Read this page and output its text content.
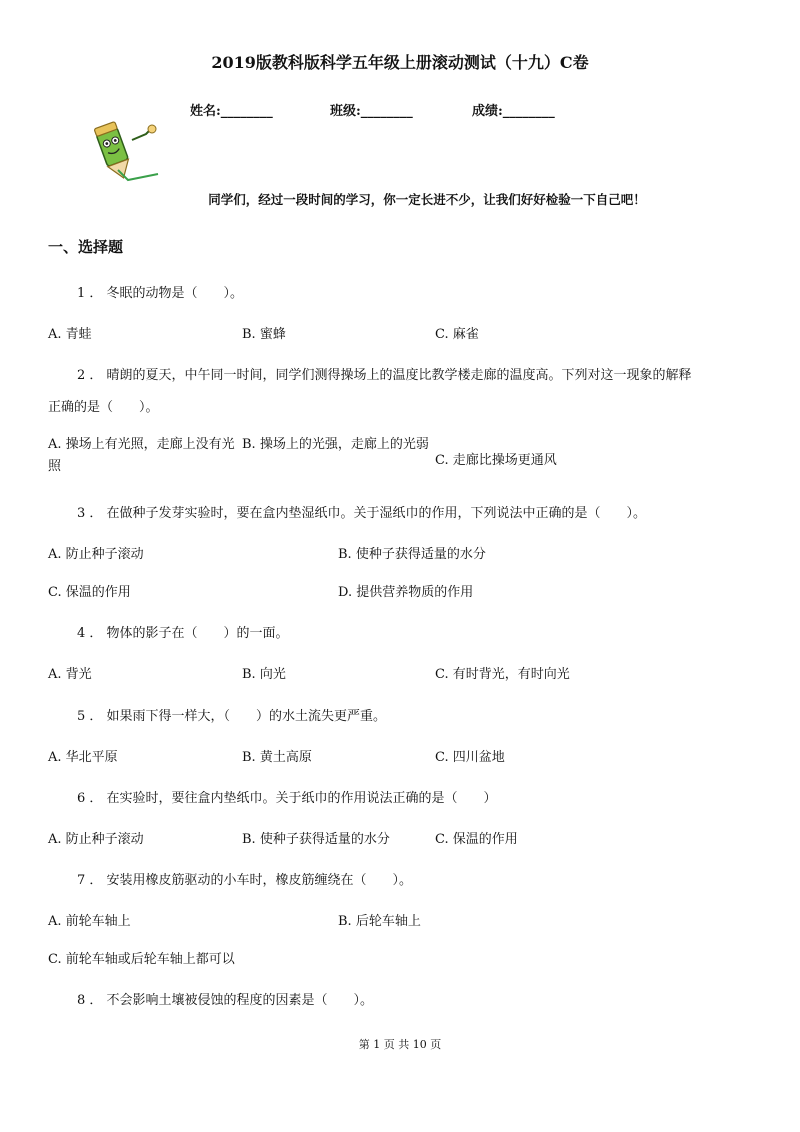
2019版教科版科学五年级上册滚动测试（十九）C卷
姓名:________	班级:________	成绩:________
同学们，经过一段时间的学习，你一定长进不少，让我们好好检验一下自己吧！
一、选择题
1 ． 冬眠的动物是（　　）。
A. 青蛙	B. 蜜蜂	C. 麻雀
2 ． 晴朗的夏天，中午同一时间，同学们测得操场上的温度比教学楼走廊的温度高。下列对这一现象的解释
正确的是（　　）。
A. 操场上有光照，走廊上没有光照
B. 操场上的光强，走廊上的光弱
C. 走廊比操场更通风
3 ． 在做种子发芽实验时，要在盒内垫湿纸巾。关于湿纸巾的作用，下列说法中正确的是（　　）。
A. 防止种子滚动	B. 使种子获得适量的水分
C. 保温的作用	D. 提供营养物质的作用
4 ． 物体的影子在（　　）的一面。
A. 背光	B. 向光	C. 有时背光，有时向光
5 ． 如果雨下得一样大，（　　）的水土流失更严重。
A. 华北平原	B. 黄土高原	C. 四川盆地
6 ． 在实验时，要往盒内垫纸巾。关于纸巾的作用说法正确的是（　　）
A. 防止种子滚动	B. 使种子获得适量的水分	C. 保温的作用
7 ． 安装用橡皮筋驱动的小车时，橡皮筋缠绕在（　　）。
A. 前轮车轴上	B. 后轮车轴上
C. 前轮车轴或后轮车轴上都可以
8 ． 不会影响土壤被侵蚀的程度的因素是（　　）。
第 1 页 共 10 页
